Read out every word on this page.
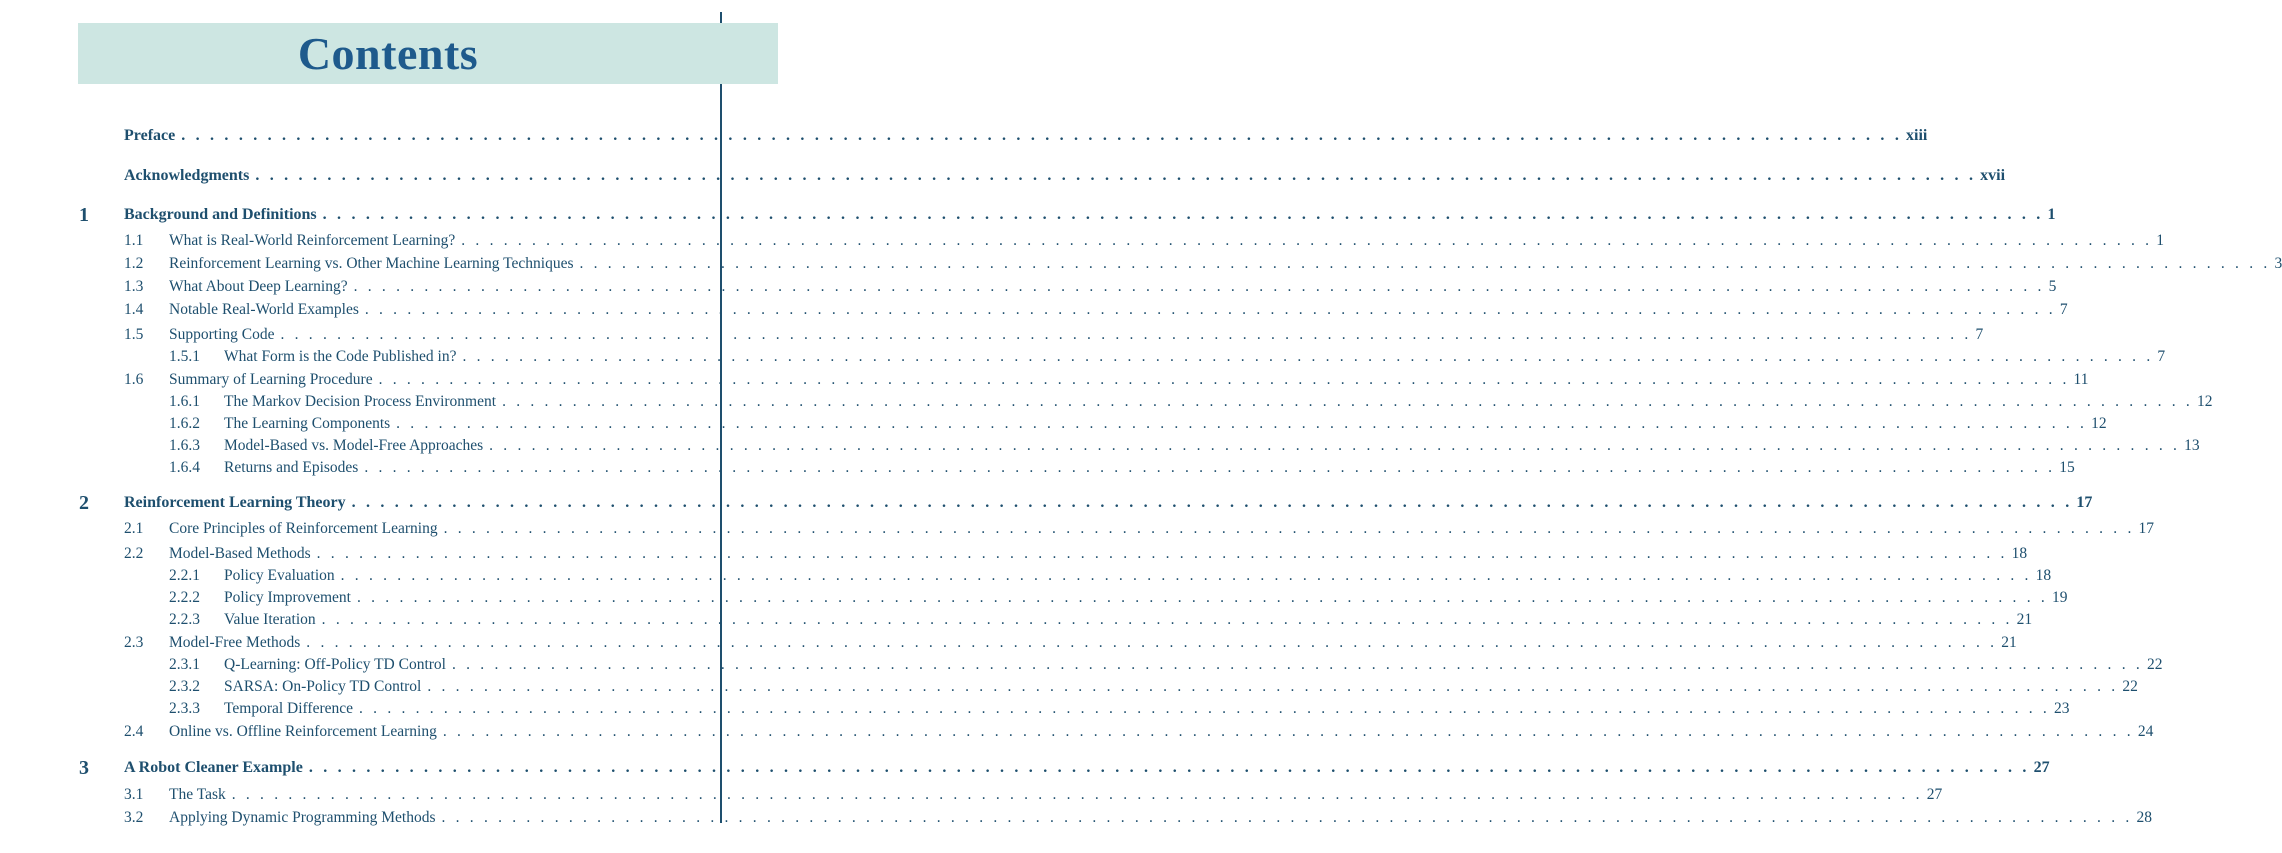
Contents
Preface . . . . . . . . . . . . . . . . . . . . . . . . . . . . . . . . . . . . . . . . . . . . . . . . . . . . . . . . . . . . . . . . . . . . . . . . . . . . . . . . . . . . . . . . . . . . . . . . . . . . . . . . . . . . . . . . . . . . . . . . xiii
Acknowledgments . . . . . . . . . . . . . . . . . . . . . . . . . . . . . . . . . . . . . . . . . . . . . . . . . . . . . . . . . . . . . . . . . . . . . . . . . . . . . . . . . . . . . . . . . . . . . . . . . . . . . . . . . . . . . . . . . . . . . . . . xvii
1 Background and Definitions . . . . . . . . . . . . . . . . . . . . . . . . . . . . . . . . . . . . . . . . . . . . . . . . . . . . . . . . . . . . . . . . . . . . . . . . . . . . . . . . . . . . . . . . . . . . . . . . . . . . . . . . . . . . . . . . . . . . . . . . 1
1.1 What is Real-World Reinforcement Learning? . . . . . . . . . . . . . . . . . . . . . . . . . . . . . . . . . . . . . . . . . . . . . . . . . . . . . . . . . . . . . . . . . . . . . . . . . . . . . . . . . . . . . . . . . . . . . . . . . . . . . . . . . . . . . . . . . . . . . . . . 1
1.2 Reinforcement Learning vs. Other Machine Learning Techniques . . . . . . . . . . . . . . . . . . . . . . . . . . . . . . . . . . . . . . . . . . . . . . . . . . . . . . . . . . . . . . . . . . . . . . . . . . . . . . . . . . . . . . . . . . . . . . . . . . . . . . . . . . . . . . . . . . . . . . . . 3
1.3 What About Deep Learning? . . . . . . . . . . . . . . . . . . . . . . . . . . . . . . . . . . . . . . . . . . . . . . . . . . . . . . . . . . . . . . . . . . . . . . . . . . . . . . . . . . . . . . . . . . . . . . . . . . . . . . . . . . . . . . . . . . . . . . . . 5
1.4 Notable Real-World Examples . . . . . . . . . . . . . . . . . . . . . . . . . . . . . . . . . . . . . . . . . . . . . . . . . . . . . . . . . . . . . . . . . . . . . . . . . . . . . . . . . . . . . . . . . . . . . . . . . . . . . . . . . . . . . . . . . . . . . . . . 7
1.5 Supporting Code . . . . . . . . . . . . . . . . . . . . . . . . . . . . . . . . . . . . . . . . . . . . . . . . . . . . . . . . . . . . . . . . . . . . . . . . . . . . . . . . . . . . . . . . . . . . . . . . . . . . . . . . . . . . . . . . . . . . . . . . 7
1.5.1 What Form is the Code Published in? . . . . . . . . . . . . . . . . . . . . . . . . . . . . . . . . . . . . . . . . . . . . . . . . . . . . . . . . . . . . . . . . . . . . . . . . . . . . . . . . . . . . . . . . . . . . . . . . . . . . . . . . . . . . . . . . . . . . . . . . 7
1.6 Summary of Learning Procedure . . . . . . . . . . . . . . . . . . . . . . . . . . . . . . . . . . . . . . . . . . . . . . . . . . . . . . . . . . . . . . . . . . . . . . . . . . . . . . . . . . . . . . . . . . . . . . . . . . . . . . . . . . . . . . . . . . . . . . . . 11
1.6.1 The Markov Decision Process Environment . . . . . . . . . . . . . . . . . . . . . . . . . . . . . . . . . . . . . . . . . . . . . . . . . . . . . . . . . . . . . . . . . . . . . . . . . . . . . . . . . . . . . . . . . . . . . . . . . . . . . . . . . . . . . . . . . . . . . . . . 12
1.6.2 The Learning Components . . . . . . . . . . . . . . . . . . . . . . . . . . . . . . . . . . . . . . . . . . . . . . . . . . . . . . . . . . . . . . . . . . . . . . . . . . . . . . . . . . . . . . . . . . . . . . . . . . . . . . . . . . . . . . . . . . . . . . . . 12
1.6.3 Model-Based vs. Model-Free Approaches . . . . . . . . . . . . . . . . . . . . . . . . . . . . . . . . . . . . . . . . . . . . . . . . . . . . . . . . . . . . . . . . . . . . . . . . . . . . . . . . . . . . . . . . . . . . . . . . . . . . . . . . . . . . . . . . . . . . . . . . 13
1.6.4 Returns and Episodes . . . . . . . . . . . . . . . . . . . . . . . . . . . . . . . . . . . . . . . . . . . . . . . . . . . . . . . . . . . . . . . . . . . . . . . . . . . . . . . . . . . . . . . . . . . . . . . . . . . . . . . . . . . . . . . . . . . . . . . . 15
2 Reinforcement Learning Theory . . . . . . . . . . . . . . . . . . . . . . . . . . . . . . . . . . . . . . . . . . . . . . . . . . . . . . . . . . . . . . . . . . . . . . . . . . . . . . . . . . . . . . . . . . . . . . . . . . . . . . . . . . . . . . . . . . . . . . . . 17
2.1 Core Principles of Reinforcement Learning . . . . . . . . . . . . . . . . . . . . . . . . . . . . . . . . . . . . . . . . . . . . . . . . . . . . . . . . . . . . . . . . . . . . . . . . . . . . . . . . . . . . . . . . . . . . . . . . . . . . . . . . . . . . . . . . . . . . . . . . 17
2.2 Model-Based Methods . . . . . . . . . . . . . . . . . . . . . . . . . . . . . . . . . . . . . . . . . . . . . . . . . . . . . . . . . . . . . . . . . . . . . . . . . . . . . . . . . . . . . . . . . . . . . . . . . . . . . . . . . . . . . . . . . . . . . . . . 18
2.2.1 Policy Evaluation . . . . . . . . . . . . . . . . . . . . . . . . . . . . . . . . . . . . . . . . . . . . . . . . . . . . . . . . . . . . . . . . . . . . . . . . . . . . . . . . . . . . . . . . . . . . . . . . . . . . . . . . . . . . . . . . . . . . . . . . 18
2.2.2 Policy Improvement . . . . . . . . . . . . . . . . . . . . . . . . . . . . . . . . . . . . . . . . . . . . . . . . . . . . . . . . . . . . . . . . . . . . . . . . . . . . . . . . . . . . . . . . . . . . . . . . . . . . . . . . . . . . . . . . . . . . . . . . 19
2.2.3 Value Iteration . . . . . . . . . . . . . . . . . . . . . . . . . . . . . . . . . . . . . . . . . . . . . . . . . . . . . . . . . . . . . . . . . . . . . . . . . . . . . . . . . . . . . . . . . . . . . . . . . . . . . . . . . . . . . . . . . . . . . . . . 21
2.3 Model-Free Methods . . . . . . . . . . . . . . . . . . . . . . . . . . . . . . . . . . . . . . . . . . . . . . . . . . . . . . . . . . . . . . . . . . . . . . . . . . . . . . . . . . . . . . . . . . . . . . . . . . . . . . . . . . . . . . . . . . . . . . . . 21
2.3.1 Q-Learning: Off-Policy TD Control . . . . . . . . . . . . . . . . . . . . . . . . . . . . . . . . . . . . . . . . . . . . . . . . . . . . . . . . . . . . . . . . . . . . . . . . . . . . . . . . . . . . . . . . . . . . . . . . . . . . . . . . . . . . . . . . . . . . . . . . 22
2.3.2 SARSA: On-Policy TD Control . . . . . . . . . . . . . . . . . . . . . . . . . . . . . . . . . . . . . . . . . . . . . . . . . . . . . . . . . . . . . . . . . . . . . . . . . . . . . . . . . . . . . . . . . . . . . . . . . . . . . . . . . . . . . . . . . . . . . . . . 22
2.3.3 Temporal Difference . . . . . . . . . . . . . . . . . . . . . . . . . . . . . . . . . . . . . . . . . . . . . . . . . . . . . . . . . . . . . . . . . . . . . . . . . . . . . . . . . . . . . . . . . . . . . . . . . . . . . . . . . . . . . . . . . . . . . . . . 23
2.4 Online vs. Offline Reinforcement Learning . . . . . . . . . . . . . . . . . . . . . . . . . . . . . . . . . . . . . . . . . . . . . . . . . . . . . . . . . . . . . . . . . . . . . . . . . . . . . . . . . . . . . . . . . . . . . . . . . . . . . . . . . . . . . . . . . . . . . . . . 24
3 A Robot Cleaner Example . . . . . . . . . . . . . . . . . . . . . . . . . . . . . . . . . . . . . . . . . . . . . . . . . . . . . . . . . . . . . . . . . . . . . . . . . . . . . . . . . . . . . . . . . . . . . . . . . . . . . . . . . . . . . . . . . . . . . . . . 27
3.1 The Task . . . . . . . . . . . . . . . . . . . . . . . . . . . . . . . . . . . . . . . . . . . . . . . . . . . . . . . . . . . . . . . . . . . . . . . . . . . . . . . . . . . . . . . . . . . . . . . . . . . . . . . . . . . . . . . . . . . . . . . . 27
3.2 Applying Dynamic Programming Methods . . . . . . . . . . . . . . . . . . . . . . . . . . . . . . . . . . . . . . . . . . . . . . . . . . . . . . . . . . . . . . . . . . . . . . . . . . . . . . . . . . . . . . . . . . . . . . . . . . . . . . . . . . . . . . . . . . . . . . . . 28
